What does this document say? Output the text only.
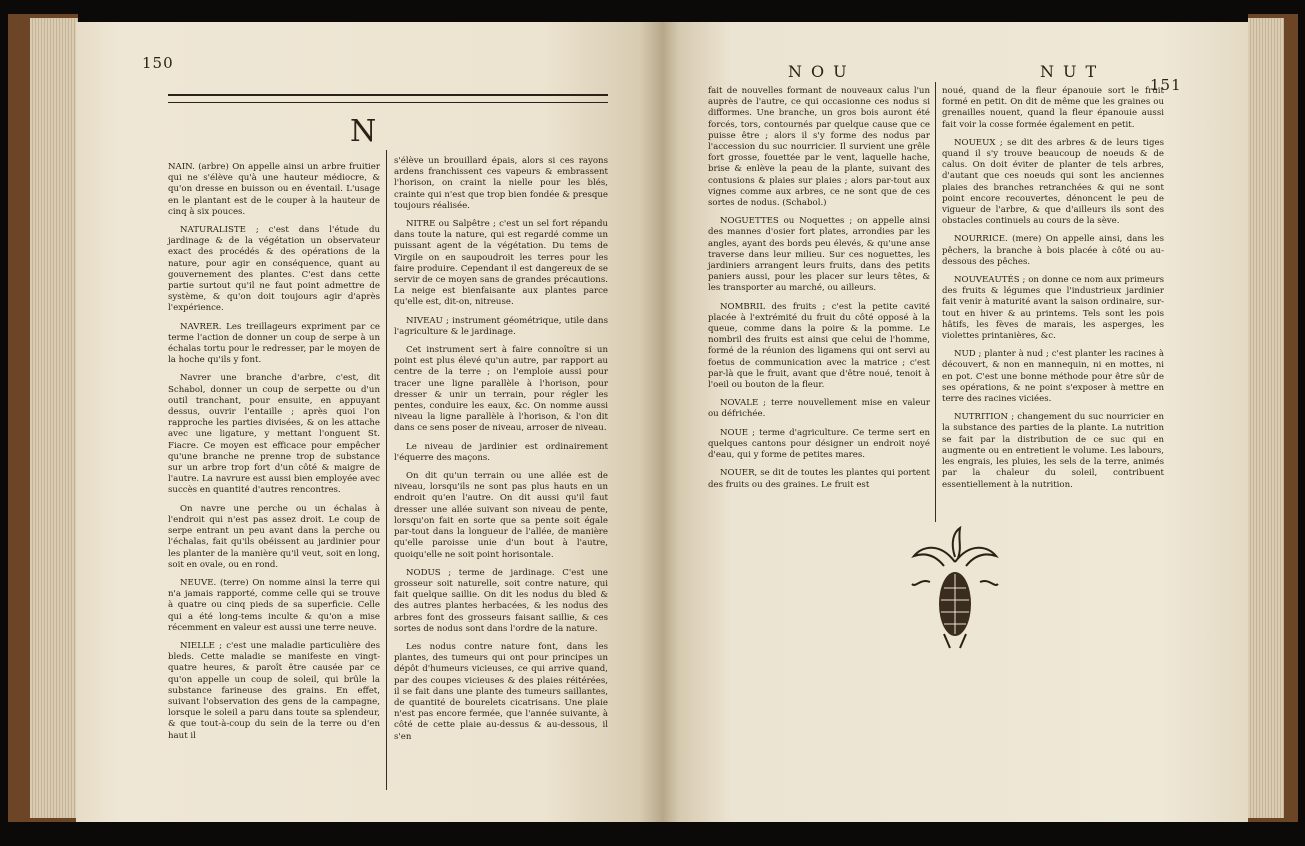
150
N

NAIN. (arbre) On appelle ainsi un arbre fruitier qui ne s'élève qu'à une hauteur médiocre, & qu'on dresse en buisson ou en éventail. L'usage en le plantant est de le couper à la hauteur de cinq à six pouces.

NATURALISTE ; c'est dans l'étude du jardinage & de la végétation un observateur exact des procédés & des opérations de la nature, pour agir en conséquence, quant au gouvernement des plantes. C'est dans cette partie surtout qu'il ne faut point admettre de système, & qu'on doit toujours agir d'après l'expérience.

NAVRER. Les treillageurs expriment par ce terme l'action de donner un coup de serpe à un échalas tortu pour le redresser, par le moyen de la hoche qu'ils y font.

Navrer une branche d'arbre, c'est, dit Schabol, donner un coup de serpette ou d'un outil tranchant, pour ensuite, en appuyant dessus, ouvrir l'entaille ; après quoi l'on rapproche les parties divisées, & on les attache avec une ligature, y mettant l'onguent St. Fiacre. Ce moyen est efficace pour empêcher qu'une branche ne prenne trop de substance sur un arbre trop fort d'un côté & maigre de l'autre. La navrure est aussi bien employée avec succès en quantité d'autres rencontres.

On navre une perche ou un échalas à l'endroit qui n'est pas assez droit. Le coup de serpe entrant un peu avant dans la perche ou l'échalas, fait qu'ils obéissent au jardinier pour les planter de la manière qu'il veut, soit en long, soit en ovale, ou en rond.

NEUVE. (terre) On nomme ainsi la terre qui n'a jamais rapporté, comme celle qui se trouve à quatre ou cinq pieds de sa superficie. Celle qui a été long-tems inculte & qu'on a mise récemment en valeur est aussi une terre neuve.

NIELLE ; c'est une maladie particulière des bleds. Cette maladie se manifeste en vingt-quatre heures, & paroît être causée par ce qu'on appelle un coup de soleil, qui brûle la substance farineuse des grains. En effet, suivant l'observation des gens de la campagne, lorsque le soleil a paru dans toute sa splendeur, & que tout-à-coup du sein de la terre ou d'en haut il

s'élève un brouillard épais, alors si ces rayons ardens franchissent ces vapeurs & embrassent l'horison, on craint la nielle pour les blés, crainte qui n'est que trop bien fondée & presque toujours réalisée.

NITRE ou Salpêtre ; c'est un sel fort répandu dans toute la nature, qui est regardé comme un puissant agent de la végétation. Du tems de Virgile on en saupoudroit les terres pour les faire produire. Cependant il est dangereux de se servir de ce moyen sans de grandes précautions. La neige est bienfaisante aux plantes parce qu'elle est, dit-on, nitreuse.

NIVEAU ; instrument géométrique, utile dans l'agriculture & le jardinage.

Cet instrument sert à faire connoître si un point est plus élevé qu'un autre, par rapport au centre de la terre ; on l'emploie aussi pour tracer une ligne parallèle à l'horison, pour dresser & unir un terrain, pour régler les pentes, conduire les eaux, &c. On nomme aussi niveau la ligne parallèle à l'horison, & l'on dit dans ce sens poser de niveau, arroser de niveau.

Le niveau de jardinier est ordinairement l'équerre des maçons.

On dit qu'un terrain ou une allée est de niveau, lorsqu'ils ne sont pas plus hauts en un endroit qu'en l'autre. On dit aussi qu'il faut dresser une allée suivant son niveau de pente, lorsqu'on fait en sorte que sa pente soit égale par-tout dans la longueur de l'allée, de manière qu'elle paroisse unie d'un bout à l'autre, quoiqu'elle ne soit point horisontale.

NODUS ; terme de jardinage. C'est une grosseur soit naturelle, soit contre nature, qui fait quelque saillie. On dit les nodus du bled & des autres plantes herbacées, & les nodus des arbres font des grosseurs faisant saillie, & ces sortes de nodus sont dans l'ordre de la nature.

Les nodus contre nature font, dans les plantes, des tumeurs qui ont pour principes un dépôt d'humeurs vicieuses, ce qui arrive quand, par des coupes vicieuses & des plaies réitérées, il se fait dans une plante des tumeurs saillantes, de quantité de bourelets cicatrisans. Une plaie n'est pas encore fermée, que l'année suivante, à côté de cette plaie au-dessus & au-dessous, il s'en

NOU	NUT
151

fait de nouvelles formant de nouveaux calus l'un auprès de l'autre, ce qui occasionne ces nodus si difformes. Une branche, un gros bois auront été forcés, tors, contournés par quelque cause que ce puisse être ; alors il s'y forme des nodus par l'accession du suc nourricier. Il survient une grêle fort grosse, fouettée par le vent, laquelle hache, brise & enlève la peau de la plante, suivant des contusions & plaies sur plaies ; alors par-tout aux vignes comme aux arbres, ce ne sont que de ces sortes de nodus. (Schabol.)

NOGUETTES ou Noquettes ; on appelle ainsi des mannes d'osier fort plates, arrondies par les angles, ayant des bords peu élevés, & qu'une anse traverse dans leur milieu. Sur ces noguettes, les jardiniers arrangent leurs fruits, dans des petits paniers aussi, pour les placer sur leurs têtes, & les transporter au marché, ou ailleurs.

NOMBRIL des fruits ; c'est la petite cavité placée à l'extrémité du fruit du côté opposé à la queue, comme dans la poire & la pomme. Le nombril des fruits est ainsi que celui de l'homme, formé de la réunion des ligamens qui ont servi au foetus de communication avec la matrice ; c'est par-là que le fruit, avant que d'être noué, tenoit à l'oeil ou bouton de la fleur.

NOVALE ; terre nouvellement mise en valeur ou défrichée.

NOUE ; terme d'agriculture. Ce terme sert en quelques cantons pour désigner un endroit noyé d'eau, qui y forme de petites mares.

NOUER, se dit de toutes les plantes qui portent des fruits ou des graines. Le fruit est

noué, quand de la fleur épanouie sort le fruit formé en petit. On dit de même que les graines ou grenailles nouent, quand la fleur épanouie aussi fait voir la cosse formée également en petit.

NOUEUX ; se dit des arbres & de leurs tiges quand il s'y trouve beaucoup de noeuds & de calus. On doit éviter de planter de tels arbres, d'autant que ces noeuds qui sont les anciennes plaies des branches retranchées & qui ne sont point encore recouvertes, dénoncent le peu de vigueur de l'arbre, & que d'ailleurs ils sont des obstacles continuels au cours de la sève.

NOURRICE. (mere) On appelle ainsi, dans les pêchers, la branche à bois placée à côté ou au-dessous des pêches.

NOUVEAUTÉS ; on donne ce nom aux primeurs des fruits & légumes que l'industrieux jardinier fait venir à maturité avant la saison ordinaire, sur-tout en hiver & au printems. Tels sont les pois hâtifs, les fèves de marais, les asperges, les violettes printanières, &c.

NUD ; planter à nud ; c'est planter les racines à découvert, & non en mannequin, ni en mottes, ni en pot. C'est une bonne méthode pour être sûr de ses opérations, & ne point s'exposer à mettre en terre des racines viciées.

NUTRITION ; changement du suc nourricier en la substance des parties de la plante. La nutrition se fait par la distribution de ce suc qui en augmente ou en entretient le volume. Les labours, les engrais, les pluies, les sels de la terre, animés par la chaleur du soleil, contribuent essentiellement à la nutrition.
